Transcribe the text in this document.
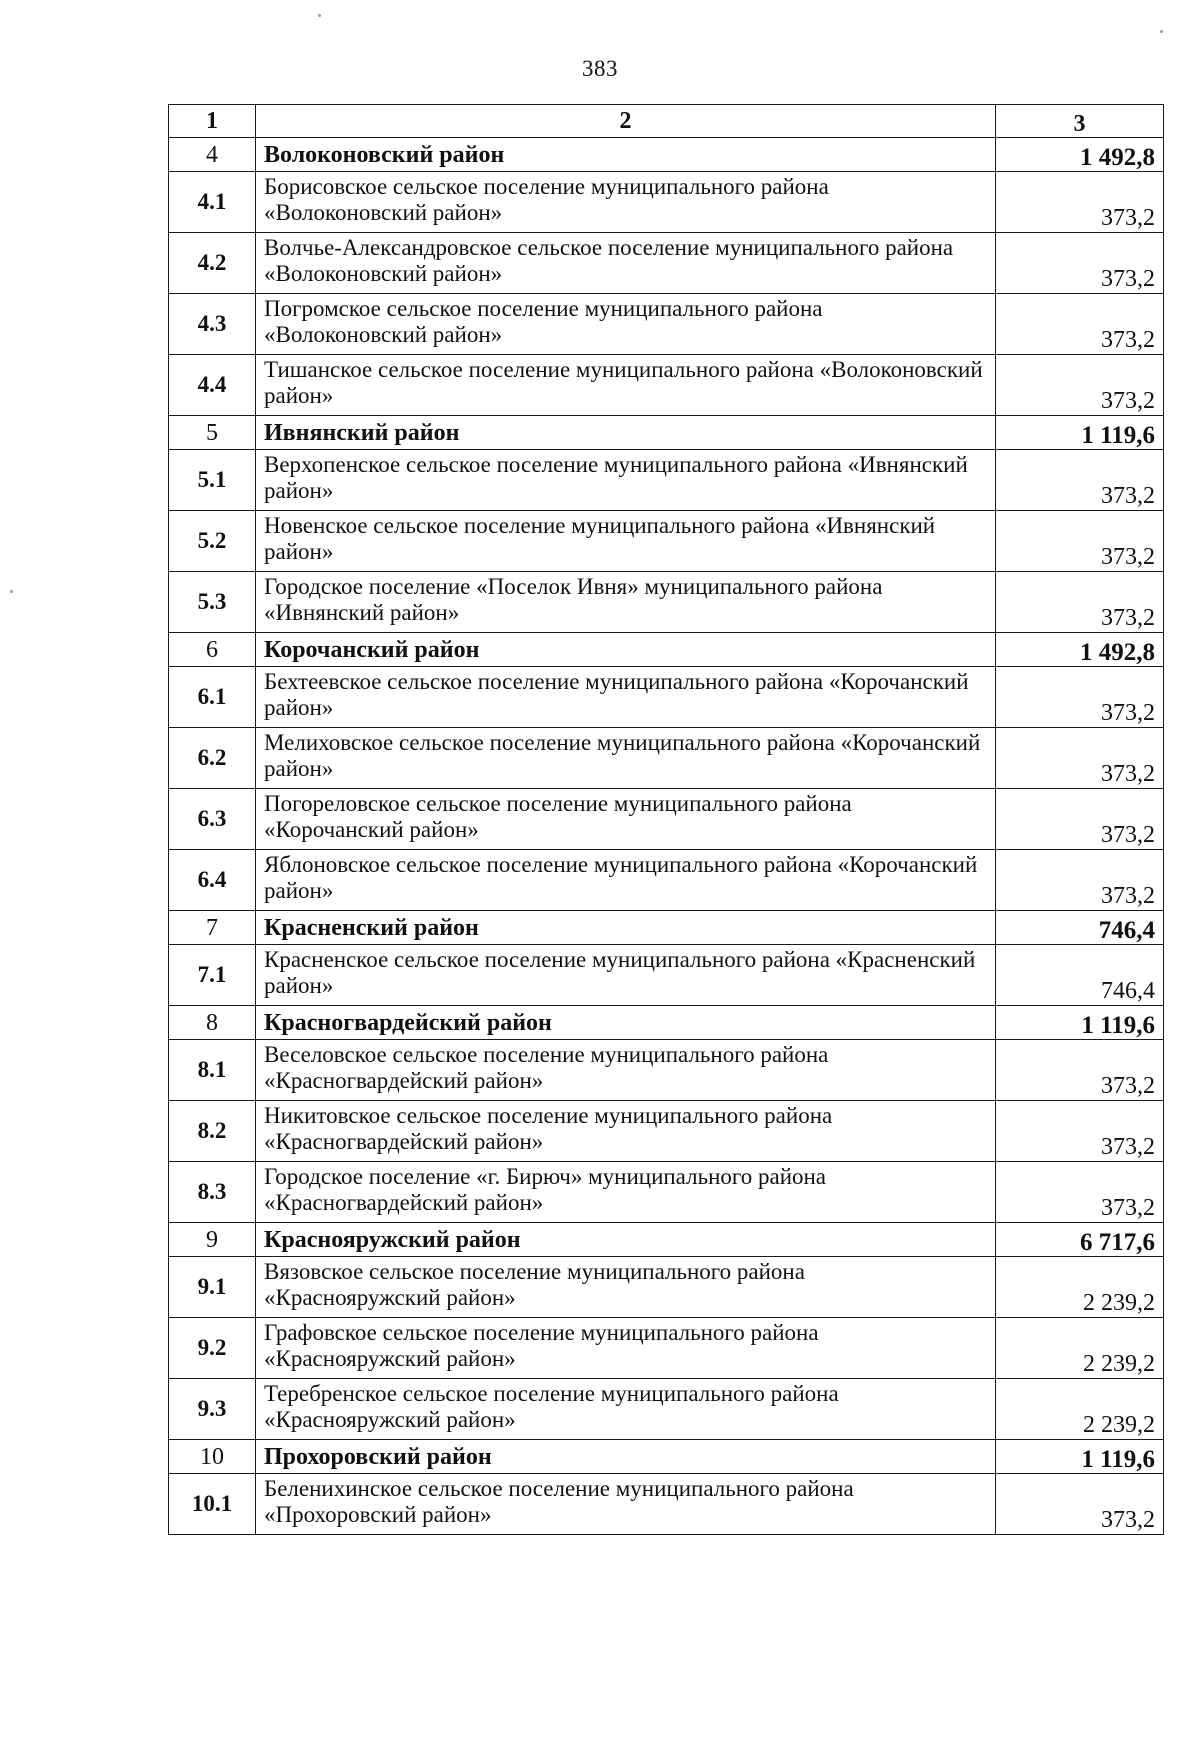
383
1	2	3
4	Волоконовский район	1 492,8
4.1	Борисовское сельское поселение муниципального района «Волоконовский район»	373,2
4.2	Волчье-Александровское сельское поселение муниципального района «Волоконовский район»	373,2
4.3	Погромское сельское поселение муниципального района «Волоконовский район»	373,2
4.4	Тишанское сельское поселение муниципального района «Волоконовский район»	373,2
5	Ивнянский район	1 119,6
5.1	Верхопенское сельское поселение муниципального района «Ивнянский район»	373,2
5.2	Новенское сельское поселение муниципального района «Ивнянский район»	373,2
5.3	Городское поселение «Поселок Ивня» муниципального района «Ивнянский район»	373,2
6	Корочанский район	1 492,8
6.1	Бехтеевское сельское поселение муниципального района «Корочанский район»	373,2
6.2	Мелиховское сельское поселение муниципального района «Корочанский район»	373,2
6.3	Погореловское сельское поселение муниципального района «Корочанский район»	373,2
6.4	Яблоновское сельское поселение муниципального района «Корочанский район»	373,2
7	Красненский район	746,4
7.1	Красненское сельское поселение муниципального района «Красненский район»	746,4
8	Красногвардейский район	1 119,6
8.1	Веселовское сельское поселение муниципального района «Красногвардейский район»	373,2
8.2	Никитовское сельское поселение муниципального района «Красногвардейский район»	373,2
8.3	Городское поселение «г. Бирюч» муниципального района «Красногвардейский район»	373,2
9	Краснояружский район	6 717,6
9.1	Вязовское сельское поселение муниципального района «Краснояружский район»	2 239,2
9.2	Графовское сельское поселение муниципального района «Краснояружский район»	2 239,2
9.3	Теребренское сельское поселение муниципального района «Краснояружский район»	2 239,2
10	Прохоровский район	1 119,6
10.1	Беленихинское сельское поселение муниципального района «Прохоровский район»	373,2
